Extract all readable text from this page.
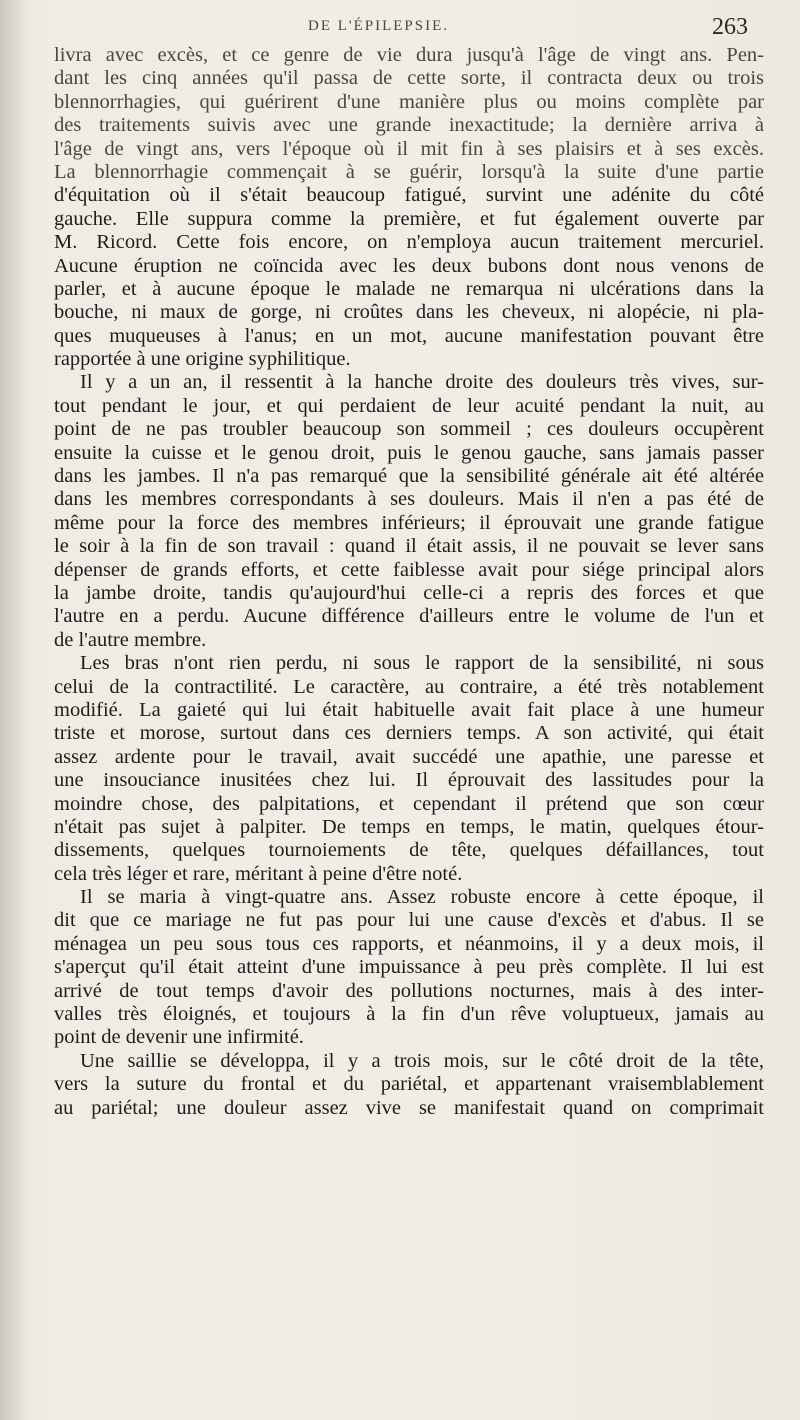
DE L'ÉPILEPSIE.	263
livra avec excès, et ce genre de vie dura jusqu'à l'âge de vingt ans. Pen-
dant les cinq années qu'il passa de cette sorte, il contracta deux ou trois
blennorrhagies, qui guérirent d'une manière plus ou moins complète par
des traitements suivis avec une grande inexactitude; la dernière arriva à
l'âge de vingt ans, vers l'époque où il mit fin à ses plaisirs et à ses excès.
La blennorrhagie commençait à se guérir, lorsqu'à la suite d'une partie
d'équitation où il s'était beaucoup fatigué, survint une adénite du côté
gauche. Elle suppura comme la première, et fut également ouverte par
M. Ricord. Cette fois encore, on n'employa aucun traitement mercuriel.
Aucune éruption ne coïncida avec les deux bubons dont nous venons de
parler, et à aucune époque le malade ne remarqua ni ulcérations dans la
bouche, ni maux de gorge, ni croûtes dans les cheveux, ni alopécie, ni pla-
ques muqueuses à l'anus; en un mot, aucune manifestation pouvant être
rapportée à une origine syphilitique.
Il y a un an, il ressentit à la hanche droite des douleurs très vives, sur-
tout pendant le jour, et qui perdaient de leur acuité pendant la nuit, au
point de ne pas troubler beaucoup son sommeil ; ces douleurs occupèrent
ensuite la cuisse et le genou droit, puis le genou gauche, sans jamais passer
dans les jambes. Il n'a pas remarqué que la sensibilité générale ait été altérée
dans les membres correspondants à ses douleurs. Mais il n'en a pas été de
même pour la force des membres inférieurs; il éprouvait une grande fatigue
le soir à la fin de son travail : quand il était assis, il ne pouvait se lever sans
dépenser de grands efforts, et cette faiblesse avait pour siége principal alors
la jambe droite, tandis qu'aujourd'hui celle-ci a repris des forces et que
l'autre en a perdu. Aucune différence d'ailleurs entre le volume de l'un et
de l'autre membre.
Les bras n'ont rien perdu, ni sous le rapport de la sensibilité, ni sous
celui de la contractilité. Le caractère, au contraire, a été très notablement
modifié. La gaieté qui lui était habituelle avait fait place à une humeur
triste et morose, surtout dans ces derniers temps. A son activité, qui était
assez ardente pour le travail, avait succédé une apathie, une paresse et
une insouciance inusitées chez lui. Il éprouvait des lassitudes pour la
moindre chose, des palpitations, et cependant il prétend que son cœur
n'était pas sujet à palpiter. De temps en temps, le matin, quelques étour-
dissements, quelques tournoiements de tête, quelques défaillances, tout
cela très léger et rare, méritant à peine d'être noté.
Il se maria à vingt-quatre ans. Assez robuste encore à cette époque, il
dit que ce mariage ne fut pas pour lui une cause d'excès et d'abus. Il se
ménagea un peu sous tous ces rapports, et néanmoins, il y a deux mois, il
s'aperçut qu'il était atteint d'une impuissance à peu près complète. Il lui est
arrivé de tout temps d'avoir des pollutions nocturnes, mais à des inter-
valles très éloignés, et toujours à la fin d'un rêve voluptueux, jamais au
point de devenir une infirmité.
Une saillie se développa, il y a trois mois, sur le côté droit de la tête,
vers la suture du frontal et du pariétal, et appartenant vraisemblablement
au pariétal; une douleur assez vive se manifestait quand on comprimait
